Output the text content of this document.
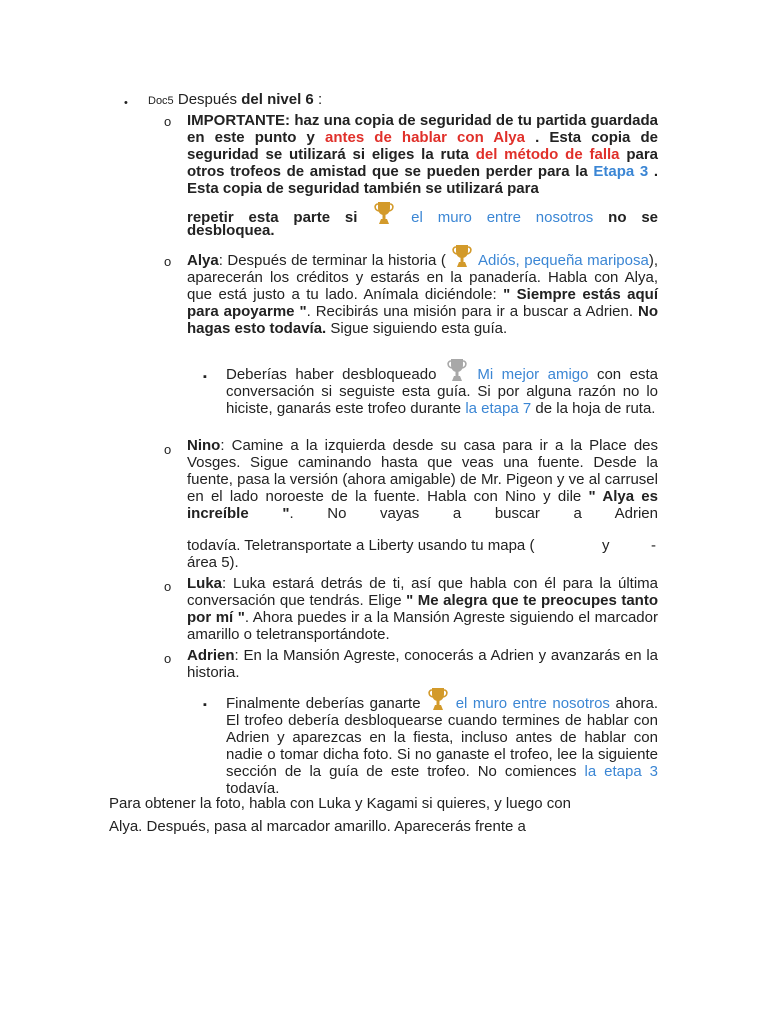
• Doc5 Después del nivel 6 :
o IMPORTANTE: haz una copia de seguridad de tu partida guardada en este punto y antes de hablar con Alya . Esta copia de seguridad se utilizará si eliges la ruta del método de falla para otros trofeos de amistad que se pueden perder para la Etapa 3 . Esta copia de seguridad también se utilizará para
repetir esta parte si	el muro entre nosotros no se
desbloquea.
o Alya: Después de terminar la historia ( Adiós, pequeña mariposa), aparecerán los créditos y estarás en la panadería. Habla con Alya, que está justo a tu lado. Anímala diciéndole: " Siempre estás aquí para apoyarme ". Recibirás una misión para ir a buscar a Adrien. No hagas esto todavía. Sigue siguiendo esta guía.
▪ Deberías haber desbloqueado	Mi mejor amigo con esta conversación si seguiste esta guía. Si por alguna razón no lo hiciste, ganarás este trofeo durante la etapa 7 de la hoja de ruta.
o Nino: Camine a la izquierda desde su casa para ir a la Place des Vosges. Sigue caminando hasta que veas una fuente. Desde la fuente, pasa la versión (ahora amigable) de Mr. Pigeon y ve al carrusel en el lado noroeste de la fuente. Habla con Nino y dile " Alya es increíble ". No vayas a buscar a Adrien
todavía. Teletransportate a Liberty usando tu mapa (	y	-
área 5).
o Luka: Luka estará detrás de ti, así que habla con él para la última conversación que tendrás. Elige " Me alegra que te preocupes tanto por mí ". Ahora puedes ir a la Mansión Agreste siguiendo el marcador amarillo o teletransportándote.
o Adrien: En la Mansión Agreste, conocerás a Adrien y avanzarás en la historia.
▪ Finalmente deberías ganarte el muro entre nosotros ahora. El trofeo debería desbloquearse cuando termines de hablar con Adrien y aparezcas en la fiesta, incluso antes de hablar con nadie o tomar dicha foto. Si no ganaste el trofeo, lee la siguiente sección de la guía de este trofeo. No comiences la etapa 3 todavía.
Para obtener la foto, habla con Luka y Kagami si quieres, y luego con
Alya. Después, pasa al marcador amarillo. Aparecerás frente a
